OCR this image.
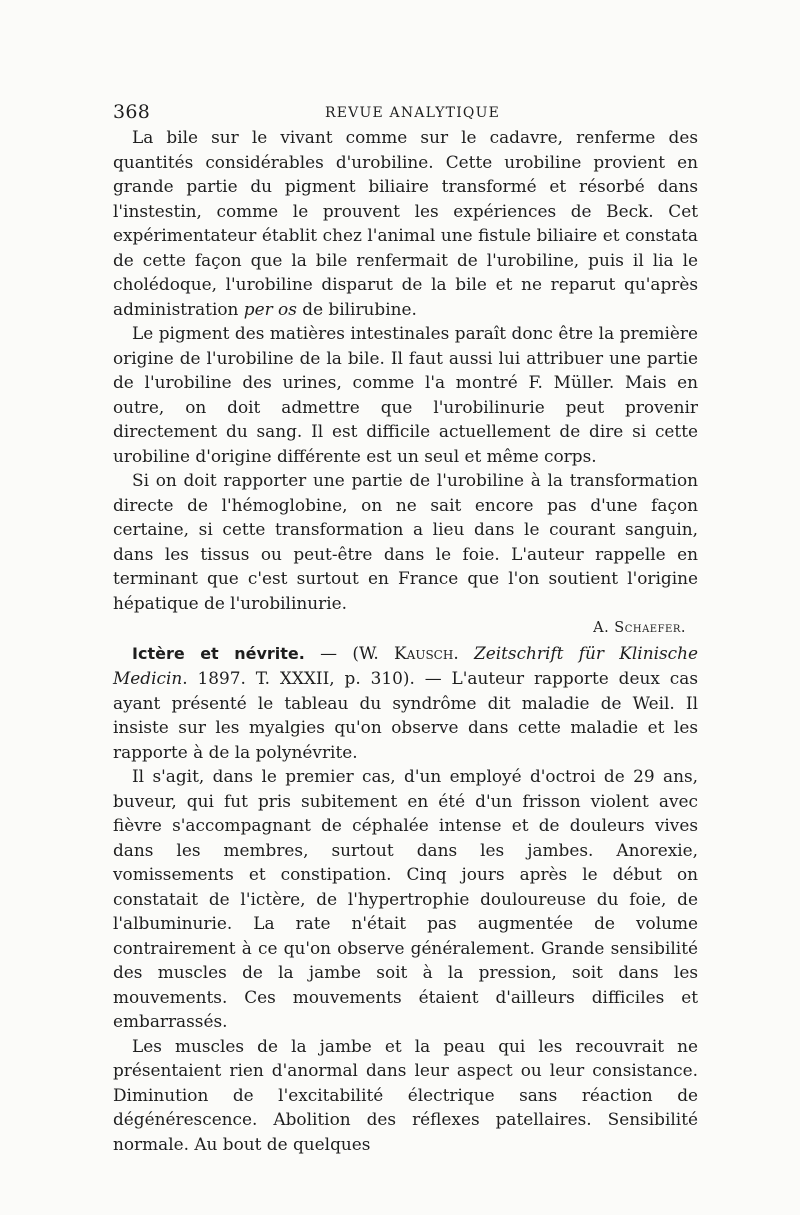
368	REVUE ANALYTIQUE

La bile sur le vivant comme sur le cadavre, renferme des quantités considérables d'urobiline. Cette urobiline provient en grande partie du pigment biliaire transformé et résorbé dans l'instestin, comme le prouvent les expériences de Beck. Cet expérimentateur établit chez l'animal une fistule biliaire et constata de cette façon que la bile renfermait de l'urobiline, puis il lia le cholédoque, l'urobiline disparut de la bile et ne reparut qu'après administration per os de bilirubine.

Le pigment des matières intestinales paraît donc être la première origine de l'urobiline de la bile. Il faut aussi lui attribuer une partie de l'urobiline des urines, comme l'a montré F. Müller. Mais en outre, on doit admettre que l'urobilinurie peut provenir directement du sang. Il est difficile actuellement de dire si cette urobiline d'origine différente est un seul et même corps.

Si on doit rapporter une partie de l'urobiline à la transformation directe de l'hémoglobine, on ne sait encore pas d'une façon certaine, si cette transformation a lieu dans le courant sanguin, dans les tissus ou peut-être dans le foie. L'auteur rappelle en terminant que c'est surtout en France que l'on soutient l'origine hépatique de l'urobilinurie.

A. Schaefer.

Ictère et névrite. — (W. Kausch. Zeitschrift für Klinische Medicin. 1897. T. XXXII, p. 310). — L'auteur rapporte deux cas ayant présenté le tableau du syndrôme dit maladie de Weil. Il insiste sur les myalgies qu'on observe dans cette maladie et les rapporte à de la polynévrite.

Il s'agit, dans le premier cas, d'un employé d'octroi de 29 ans, buveur, qui fut pris subitement en été d'un frisson violent avec fièvre s'accompagnant de céphalée intense et de douleurs vives dans les membres, surtout dans les jambes. Anorexie, vomissements et constipation. Cinq jours après le début on constatait de l'ictère, de l'hypertrophie douloureuse du foie, de l'albuminurie. La rate n'était pas augmentée de volume contrairement à ce qu'on observe généralement. Grande sensibilité des muscles de la jambe soit à la pression, soit dans les mouvements. Ces mouvements étaient d'ailleurs difficiles et embarrassés.

Les muscles de la jambe et la peau qui les recouvrait ne présentaient rien d'anormal dans leur aspect ou leur consistance. Diminution de l'excitabilité électrique sans réaction de dégénérescence. Abolition des réflexes patellaires. Sensibilité normale. Au bout de quelques
